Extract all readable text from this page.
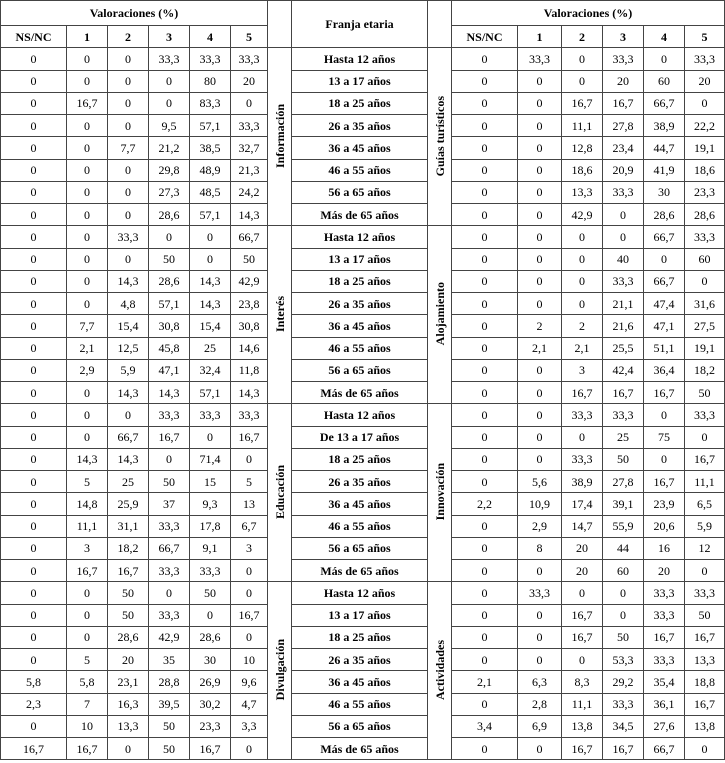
Valoraciones (%)							Franja etaria		Valoraciones (%)					
NS/NC	1	2	3	4	5				NS/NC	1	2	3	4	5
0	0	0	33,3	33,3	33,3	Información	Hasta 12 años	Guías turísticos	0	33,3	0	33,3	0	33,3
0	0	0	0	80	20		13 a 17 años		0	0	0	20	60	20
0	16,7	0	0	83,3	0		18 a 25 años		0	0	16,7	16,7	66,7	0
0	0	0	9,5	57,1	33,3		26 a 35 años		0	0	11,1	27,8	38,9	22,2
0	0	7,7	21,2	38,5	32,7		36 a 45 años		0	0	12,8	23,4	44,7	19,1
0	0	0	29,8	48,9	21,3		46 a 55 años		0	0	18,6	20,9	41,9	18,6
0	0	0	27,3	48,5	24,2		56 a 65 años		0	0	13,3	33,3	30	23,3
0	0	0	28,6	57,1	14,3		Más de 65 años		0	0	42,9	0	28,6	28,6
0	0	33,3	0	0	66,7	Interés	Hasta 12 años	Alojamiento	0	0	0	0	66,7	33,3
0	0	0	50	0	50		13 a 17 años		0	0	0	40	0	60
0	0	14,3	28,6	14,3	42,9		18 a 25 años		0	0	0	33,3	66,7	0
0	0	4,8	57,1	14,3	23,8		26 a 35 años		0	0	0	21,1	47,4	31,6
0	7,7	15,4	30,8	15,4	30,8		36 a 45 años		0	2	2	21,6	47,1	27,5
0	2,1	12,5	45,8	25	14,6		46 a 55 años		0	2,1	2,1	25,5	51,1	19,1
0	2,9	5,9	47,1	32,4	11,8		56 a 65 años		0	0	3	42,4	36,4	18,2
0	0	14,3	14,3	57,1	14,3		Más de 65 años		0	0	16,7	16,7	16,7	50
0	0	0	33,3	33,3	33,3	Educación	Hasta 12 años	Innovación	0	0	33,3	33,3	0	33,3
0	0	66,7	16,7	0	16,7		De 13 a 17 años		0	0	0	25	75	0
0	14,3	14,3	0	71,4	0		18 a 25 años		0	0	33,3	50	0	16,7
0	5	25	50	15	5		26 a 35 años		0	5,6	38,9	27,8	16,7	11,1
0	14,8	25,9	37	9,3	13		36 a 45 años		2,2	10,9	17,4	39,1	23,9	6,5
0	11,1	31,1	33,3	17,8	6,7		46 a 55 años		0	2,9	14,7	55,9	20,6	5,9
0	3	18,2	66,7	9,1	3		56 a 65 años		0	8	20	44	16	12
0	16,7	16,7	33,3	33,3	0		Más de 65 años		0	0	20	60	20	0
0	0	50	0	50	0	Divulgación	Hasta 12 años	Actividades	0	33,3	0	0	33,3	33,3
0	0	50	33,3	0	16,7		13 a 17 años		0	0	16,7	0	33,3	50
0	0	28,6	42,9	28,6	0		18 a 25 años		0	0	16,7	50	16,7	16,7
0	5	20	35	30	10		26 a 35 años		0	0	0	53,3	33,3	13,3
5,8	5,8	23,1	28,8	26,9	9,6		36 a 45 años		2,1	6,3	8,3	29,2	35,4	18,8
2,3	7	16,3	39,5	30,2	4,7		46 a 55 años		0	2,8	11,1	33,3	36,1	16,7
0	10	13,3	50	23,3	3,3		56 a 65 años		3,4	6,9	13,8	34,5	27,6	13,8
16,7	16,7	0	50	16,7	0		Más de 65 años		0	0	16,7	16,7	66,7	0
